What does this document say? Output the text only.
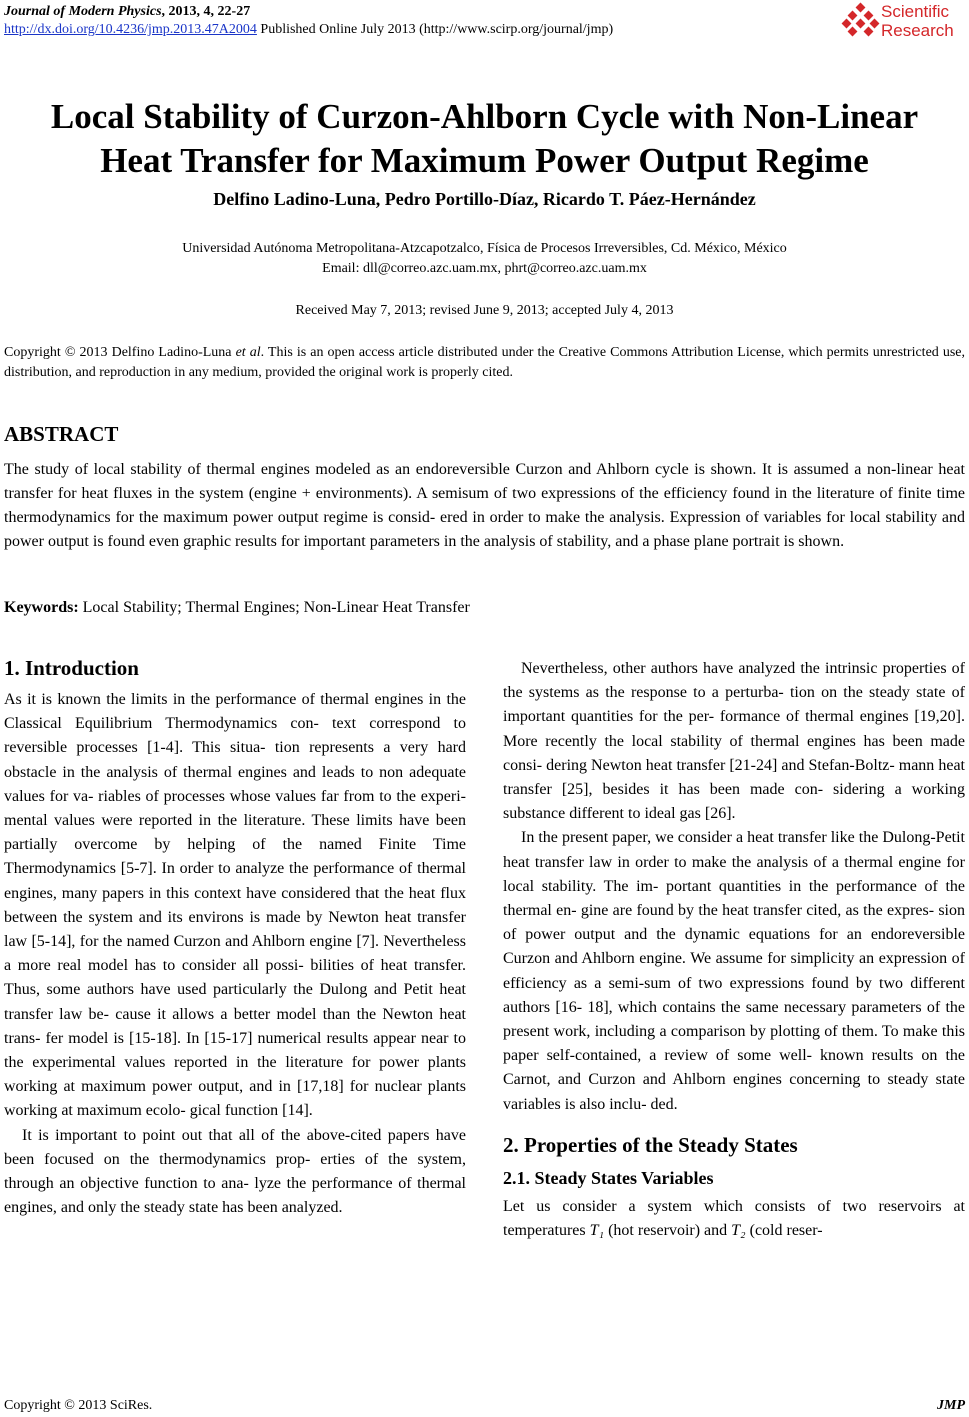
Journal of Modern Physics, 2013, 4, 22-27
http://dx.doi.org/10.4236/jmp.2013.47A2004 Published Online July 2013 (http://www.scirp.org/journal/jmp)
Scientific
Research
Local Stability of Curzon-Ahlborn Cycle with Non-Linear
Heat Transfer for Maximum Power Output Regime
Delfino Ladino-Luna, Pedro Portillo-Díaz, Ricardo T. Páez-Hernández
Universidad Autónoma Metropolitana-Atzcapotzalco, Física de Procesos Irreversibles, Cd. México, México
Email: dll@correo.azc.uam.mx, phrt@correo.azc.uam.mx
Received May 7, 2013; revised June 9, 2013; accepted July 4, 2013
Copyright © 2013 Delfino Ladino-Luna et al. This is an open access article distributed under the Creative Commons Attribution License, which permits unrestricted use, distribution, and reproduction in any medium, provided the original work is properly cited.
ABSTRACT
The study of local stability of thermal engines modeled as an endoreversible Curzon and Ahlborn cycle is shown. It is assumed a non-linear heat transfer for heat fluxes in the system (engine + environments). A semisum of two expressions of the efficiency found in the literature of finite time thermodynamics for the maximum power output regime is consid- ered in order to make the analysis. Expression of variables for local stability and power output is found even graphic results for important parameters in the analysis of stability, and a phase plane portrait is shown.
Keywords: Local Stability; Thermal Engines; Non-Linear Heat Transfer
1. Introduction

As it is known the limits in the performance of thermal engines in the Classical Equilibrium Thermodynamics con- text correspond to reversible processes [1-4]. This situa- tion represents a very hard obstacle in the analysis of thermal engines and leads to non adequate values for va- riables of processes whose values far from to the experi- mental values were reported in the literature. These limits have been partially overcome by helping of the named Finite Time Thermodynamics [5-7]. In order to analyze the performance of thermal engines, many papers in this context have considered that the heat flux between the system and its environs is made by Newton heat transfer law [5-14], for the named Curzon and Ahlborn engine [7]. Nevertheless a more real model has to consider all possi- bilities of heat transfer. Thus, some authors have used particularly the Dulong and Petit heat transfer law be- cause it allows a better model than the Newton heat trans- fer model is [15-18]. In [15-17] numerical results appear near to the experimental values reported in the literature for power plants working at maximum power output, and in [17,18] for nuclear plants working at maximum ecolo- gical function [14].

It is important to point out that all of the above-cited papers have been focused on the thermodynamics prop- erties of the system, through an objective function to ana- lyze the performance of thermal engines, and only the steady state has been analyzed.

Nevertheless, other authors have analyzed the intrinsic properties of the systems as the response to a perturba- tion on the steady state of important quantities for the per- formance of thermal engines [19,20]. More recently the local stability of thermal engines has been made consi- dering Newton heat transfer [21-24] and Stefan-Boltz- mann heat transfer [25], besides it has been made con- sidering a working substance different to ideal gas [26].

In the present paper, we consider a heat transfer like the Dulong-Petit heat transfer law in order to make the analysis of a thermal engine for local stability. The im- portant quantities in the performance of the thermal en- gine are found by the heat transfer cited, as the expres- sion of power output and the dynamic equations for an endoreversible Curzon and Ahlborn engine. We assume for simplicity an expression of efficiency as a semi-sum of two expressions found by two different authors [16- 18], which contains the same necessary parameters of the present work, including a comparison by plotting of them. To make this paper self-contained, a review of some well- known results on the Carnot, and Curzon and Ahlborn engines concerning to steady state variables is also inclu- ded.

2. Properties of the Steady States
2.1. Steady States Variables

Let us consider a system which consists of two reservoirs at temperatures T₁ (hot reservoir) and T₂ (cold reser-

Copyright © 2013 SciRes.	JMP
